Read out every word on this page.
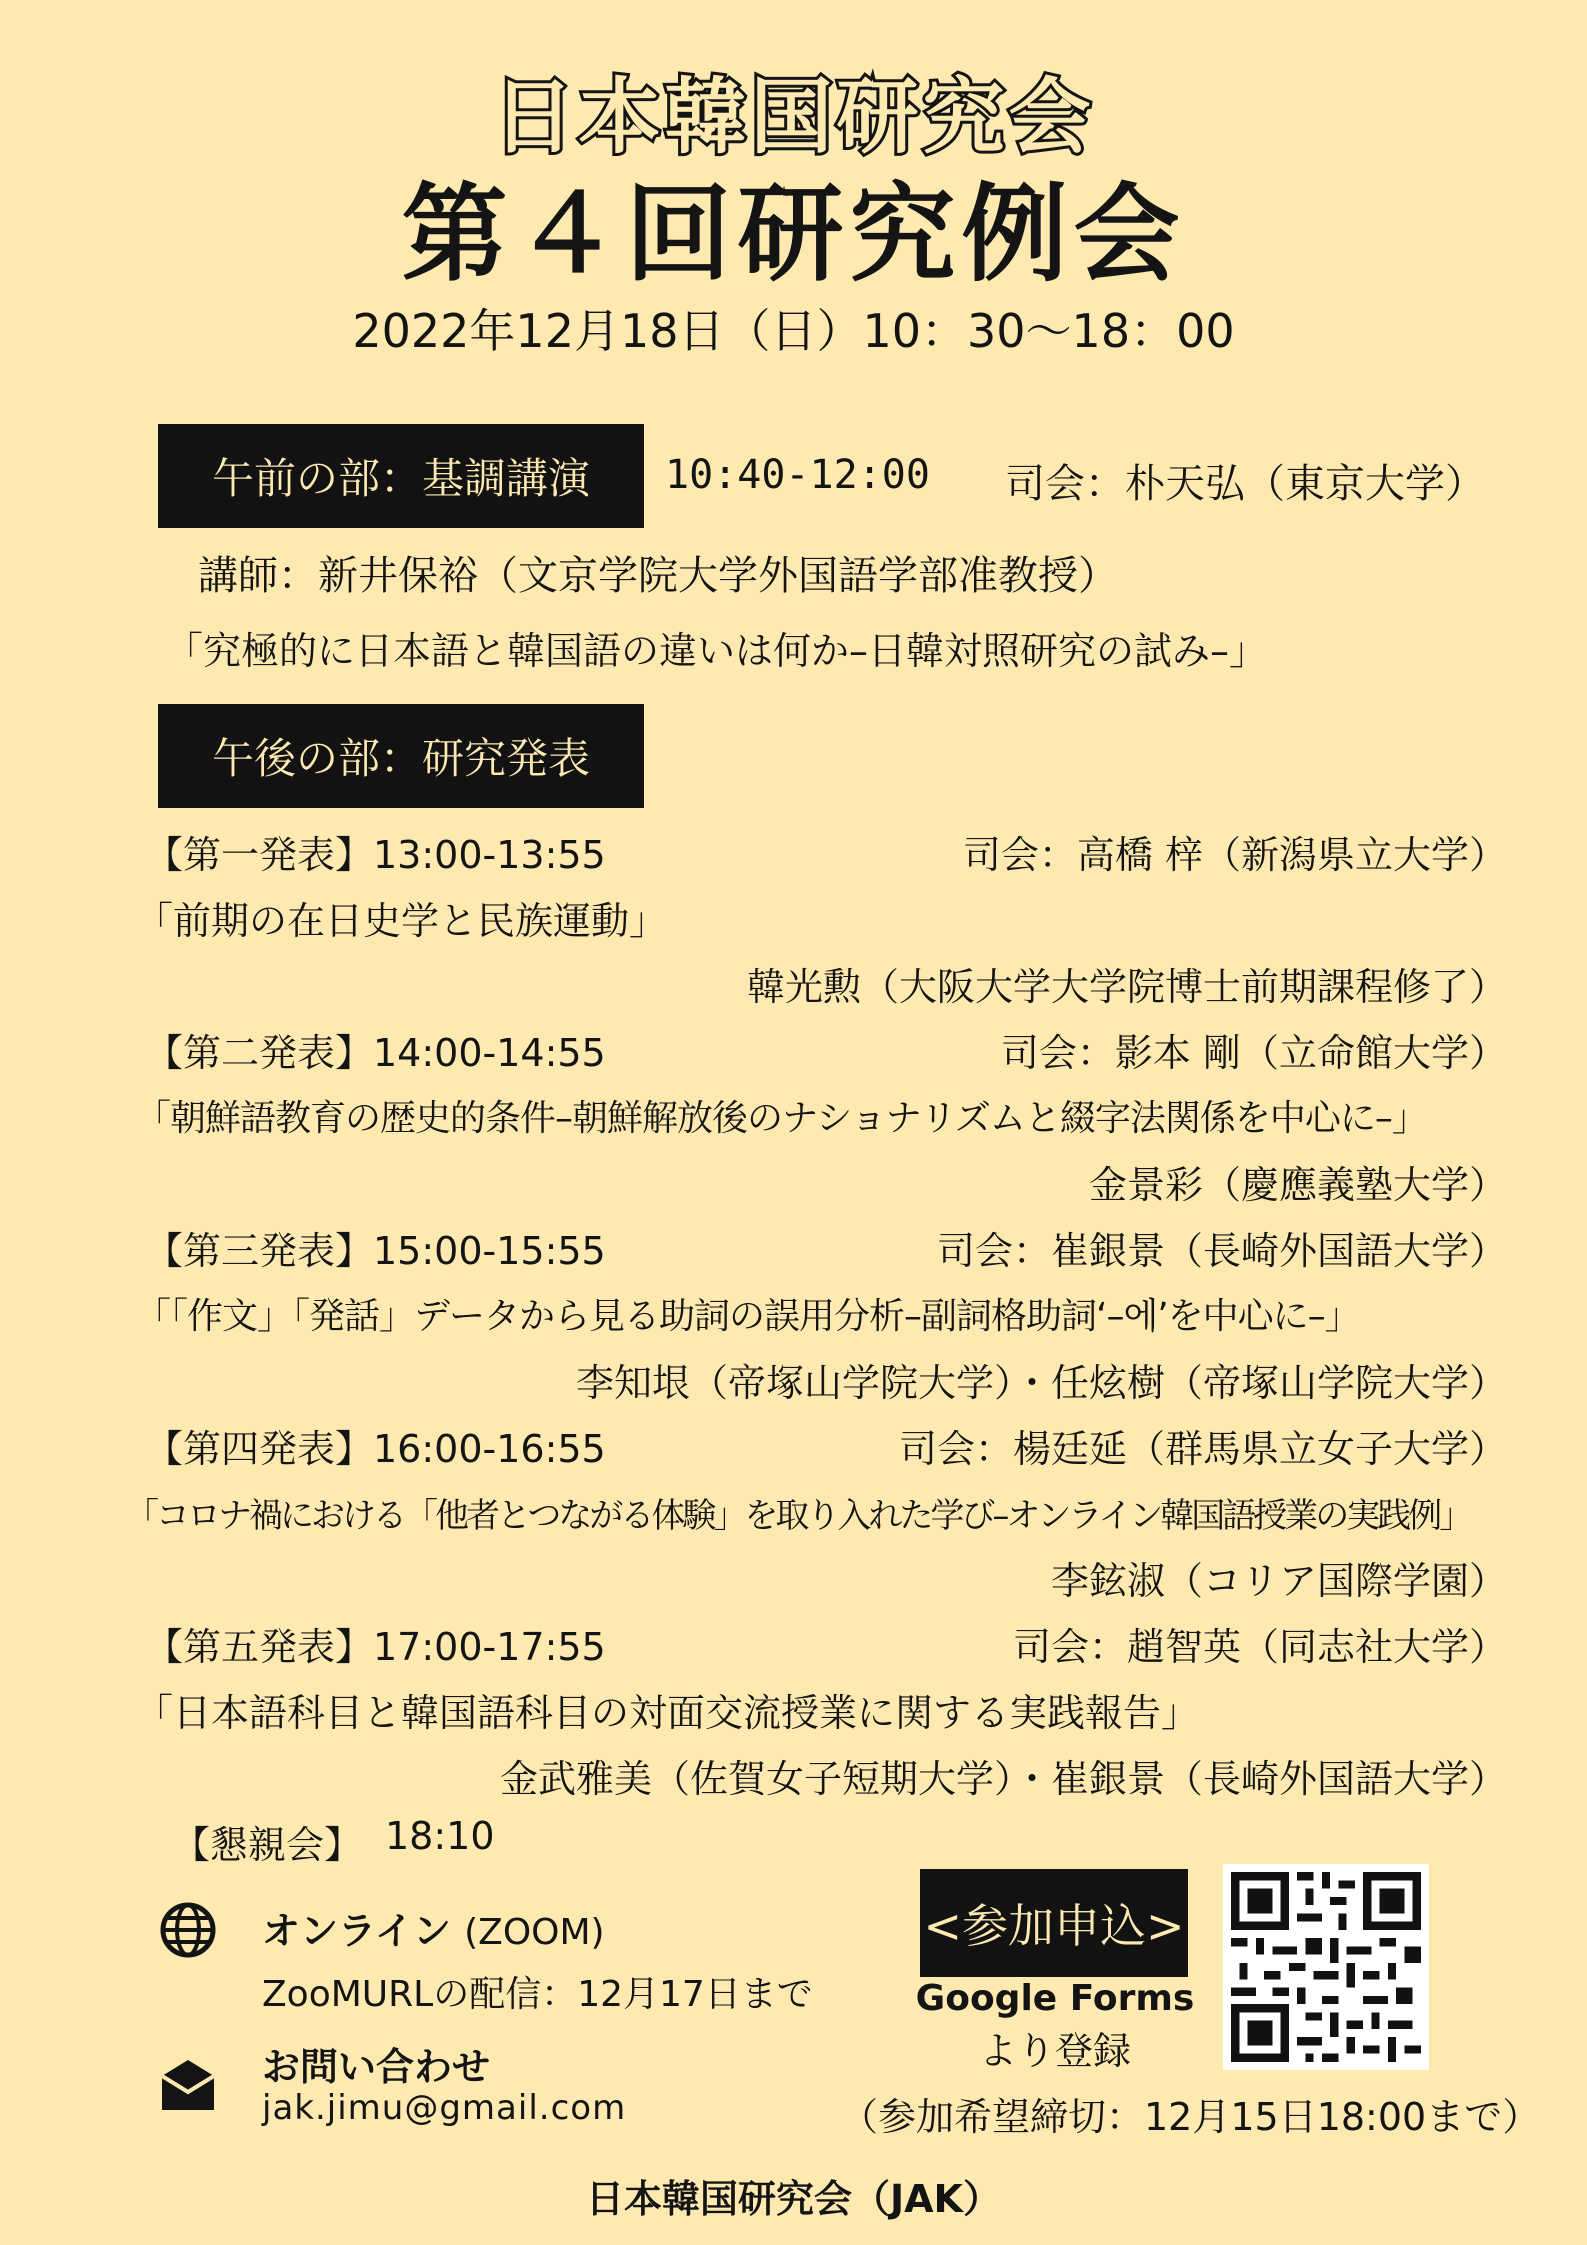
日本韓国研究会
第４回研究例会
2022年12月18日（日）10：30〜18：00
午前の部：基調講演	10:40-12:00 司会：朴天弘（東京大学）
講師：新井保裕（文京学院大学外国語学部准教授）
「究極的に日本語と韓国語の違いは何か–日韓対照研究の試み–」
午後の部：研究発表
【第一発表】13:00-13:55	司会：高橋 梓（新潟県立大学）
「前期の在日史学と民族運動」
韓光勲（大阪大学大学院博士前期課程修了）
【第二発表】14:00-14:55	司会：影本 剛（立命館大学）
「朝鮮語教育の歴史的条件–朝鮮解放後のナショナリズムと綴字法関係を中心に–」
金景彩（慶應義塾大学）
【第三発表】15:00-15:55	司会：崔銀景（長崎外国語大学）
「「作文」「発話」データから見る助詞の誤用分析–副詞格助詞‘–에’を中心に–」
李知垠（帝塚山学院大学）・任炫樹（帝塚山学院大学）
【第四発表】16:00-16:55	司会：楊廷延（群馬県立女子大学）
「コロナ禍における「他者とつながる体験」を取り入れた学び–オンライン韓国語授業の実践例」
李鉉淑（コリア国際学園）
【第五発表】17:00-17:55	司会：趙智英（同志社大学）
「日本語科目と韓国語科目の対面交流授業に関する実践報告」
金武雅美（佐賀女子短期大学）・崔銀景（長崎外国語大学）
【懇親会】 18:10
オンライン (ZOOM)
ZooMURLの配信：12月17日まで
お問い合わせ
jak.jimu@gmail.com
<参加申込>
Google Forms
より登録
（参加希望締切：12月15日18:00まで）
日本韓国研究会（JAK）
